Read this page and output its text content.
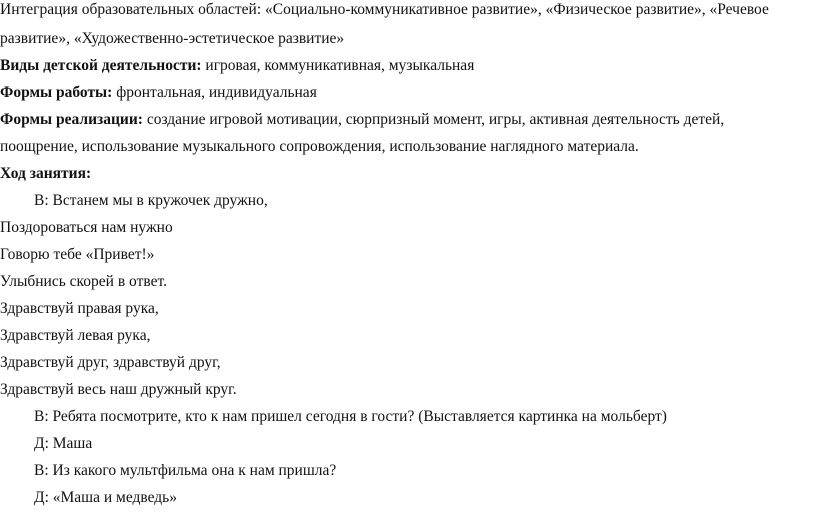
Интеграция образовательных областей: «Социально-коммуникативное развитие», «Физическое развитие», «Речевое
развитие», «Художественно-эстетическое развитие»
Виды детской деятельности: игровая, коммуникативная, музыкальная
Формы работы: фронтальная, индивидуальная
Формы реализации: создание игровой мотивации, сюрпризный момент, игры, активная деятельность детей,
поощрение, использование музыкального сопровождения, использование наглядного материала.
Ход занятия:
В: Встанем мы в кружочек дружно,
Поздороваться нам нужно
Говорю тебе «Привет!»
Улыбнись скорей в ответ.
Здравствуй правая рука,
Здравствуй левая рука,
Здравствуй друг, здравствуй друг,
Здравствуй весь наш дружный круг.
В: Ребята посмотрите, кто к нам пришел сегодня в гости? (Выставляется картинка на мольберт)
Д: Маша
В: Из какого мультфильма она к нам пришла?
Д: «Маша и медведь»
